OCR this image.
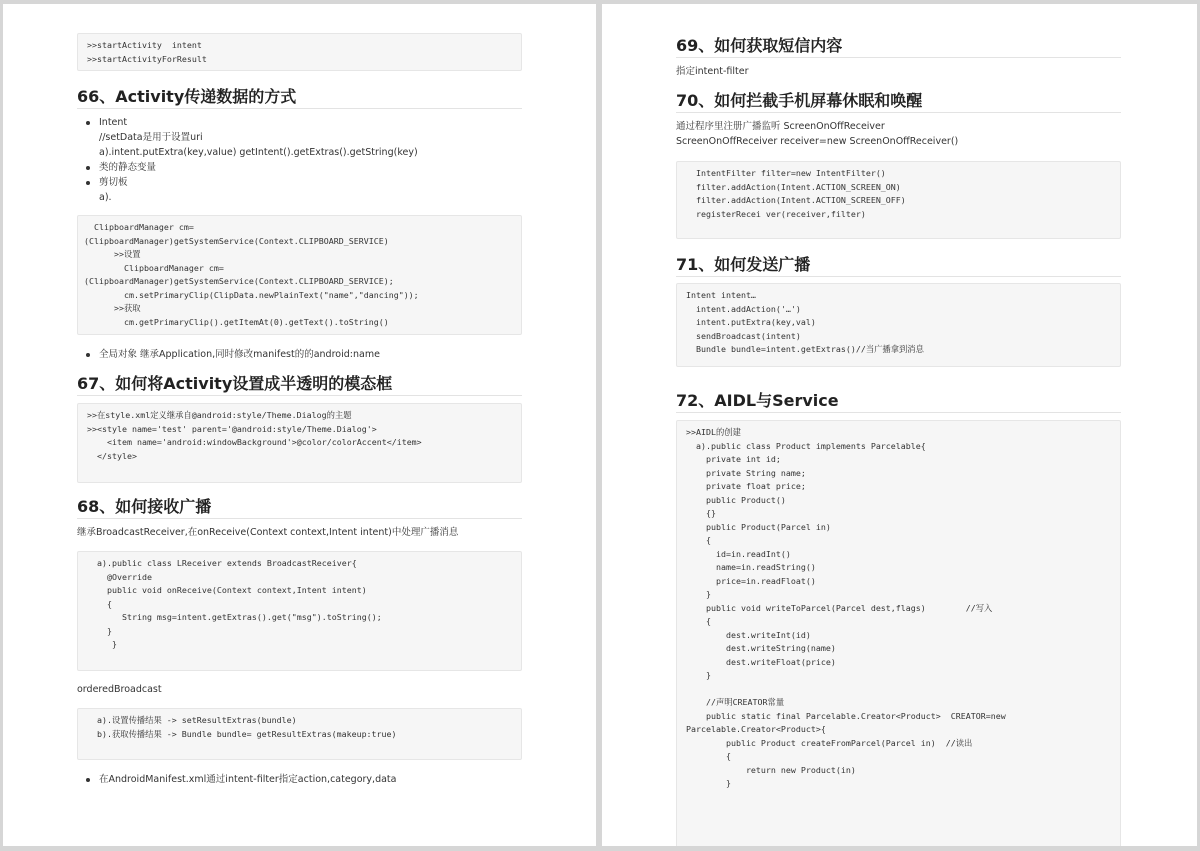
>>startActivity  intent
>>startActivityForResult
66、Activity传递数据的方式
Intent
//setData是用于设置uri
a).intent.putExtra(key,value) getIntent().getExtras().getString(key)
类的静态变量
剪切板
a).
ClipboardManager cm=
(ClipboardManager)getSystemService(Context.CLIPBOARD_SERVICE)
>>设置
ClipboardManager cm=
(ClipboardManager)getSystemService(Context.CLIPBOARD_SERVICE);
cm.setPrimaryClip(ClipData.newPlainText("name","dancing"));
>>获取
cm.getPrimaryClip().getItemAt(0).getText().toString()
全局对象 继承Application,同时修改manifest的的android:name
67、如何将Activity设置成半透明的模态框
>>在style.xml定义继承自@android:style/Theme.Dialog的主题
>><style name='test' parent='@android:style/Theme.Dialog'>
<item name='android:windowBackground'>@color/colorAccent</item>
</style>
68、如何接收广播
继承BroadcastReceiver,在onReceive(Context context,Intent intent)中处理广播消息
a).public class LReceiver extends BroadcastReceiver{
@Override
public void onReceive(Context context,Intent intent)
{
String msg=intent.getExtras().get("msg").toString();
}
}
orderedBroadcast
a).设置传播结果 -> setResultExtras(bundle)
b).获取传播结果 -> Bundle bundle= getResultExtras(makeup:true)
在AndroidManifest.xml通过intent-filter指定action,category,data
69、如何获取短信内容
指定intent-filter
70、如何拦截手机屏幕休眠和唤醒
通过程序里注册广播监听 ScreenOnOffReceiver
ScreenOnOffReceiver receiver=new ScreenOnOffReceiver()
IntentFilter filter=new IntentFilter()
filter.addAction(Intent.ACTION_SCREEN_ON)
filter.addAction(Intent.ACTION_SCREEN_OFF)
registerRecei ver(receiver,filter)
71、如何发送广播
Intent intent…
intent.addAction('…')
intent.putExtra(key,val)
sendBroadcast(intent)
Bundle bundle=intent.getExtras()//当广播拿到消息
72、AIDL与Service
>>AIDL的创建
a).public class Product implements Parcelable{
private int id;
private String name;
private float price;
public Product()
{}
public Product(Parcel in)
{
id=in.readInt()
name=in.readString()
price=in.readFloat()
}
public void writeToParcel(Parcel dest,flags)        //写入
{
dest.writeInt(id)
dest.writeString(name)
dest.writeFloat(price)
}

//声明CREATOR常量
public static final Parcelable.Creator<Product>  CREATOR=new
Parcelable.Creator<Product>{
public Product createFromParcel(Parcel in)  //读出
{
return new Product(in)
}
